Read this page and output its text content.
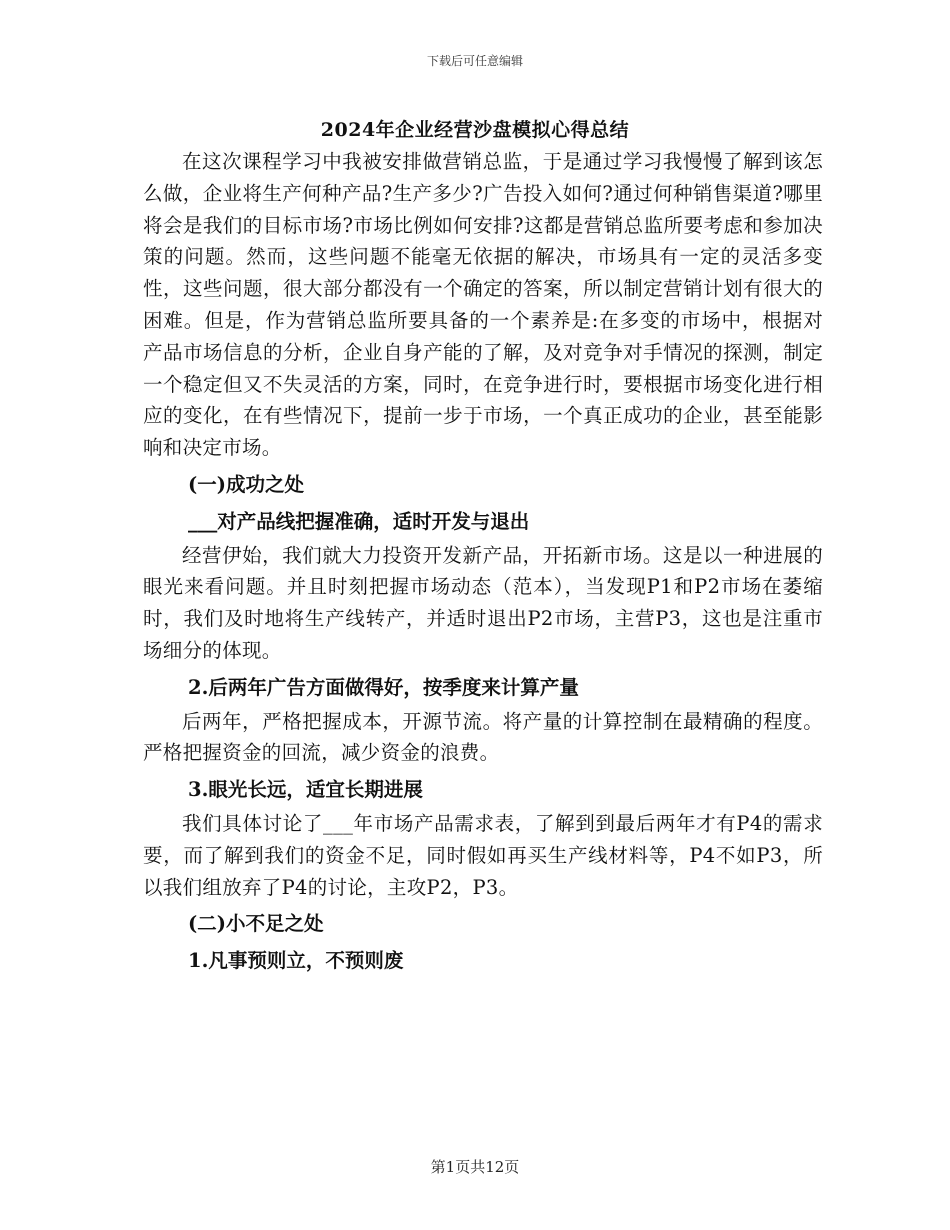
下载后可任意编辑
2024年企业经营沙盘模拟心得总结

在这次课程学习中我被安排做营销总监，于是通过学习我慢慢了解到该怎么做，企业将生产何种产品?生产多少?广告投入如何?通过何种销售渠道?哪里将会是我们的目标市场?市场比例如何安排?这都是营销总监所要考虑和参加决策的问题。然而，这些问题不能毫无依据的解决，市场具有一定的灵活多变性，这些问题，很大部分都没有一个确定的答案，所以制定营销计划有很大的困难。但是，作为营销总监所要具备的一个素养是:在多变的市场中，根据对产品市场信息的分析，企业自身产能的了解，及对竞争对手情况的探测，制定一个稳定但又不失灵活的方案，同时，在竞争进行时，要根据市场变化进行相应的变化，在有些情况下，提前一步于市场，一个真正成功的企业，甚至能影响和决定市场。

(一)成功之处
___对产品线把握准确，适时开发与退出

经营伊始，我们就大力投资开发新产品，开拓新市场。这是以一种进展的眼光来看问题。并且时刻把握市场动态（范本），当发现P1和P2市场在萎缩时，我们及时地将生产线转产，并适时退出P2市场，主营P3，这也是注重市场细分的体现。

2.后两年广告方面做得好，按季度来计算产量

后两年，严格把握成本，开源节流。将产量的计算控制在最精确的程度。严格把握资金的回流，减少资金的浪费。

3.眼光长远，适宜长期进展

我们具体讨论了___年市场产品需求表，了解到到最后两年才有P4的需求要，而了解到我们的资金不足，同时假如再买生产线材料等，P4不如P3，所以我们组放弃了P4的讨论，主攻P2，P3。

(二)小不足之处
1.凡事预则立，不预则废
第1页共12页
